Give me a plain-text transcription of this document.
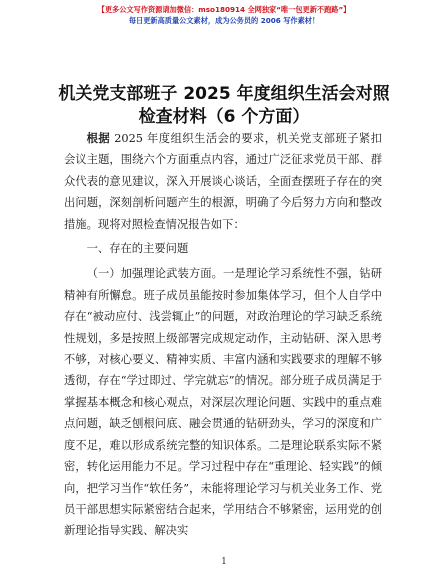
【更多公文写作资源请加微信：mso180914 全网独家“唯一包更新不跑路”】
每日更新高质量公文素材，成为公务员的 2006 写作素材！
机关党支部班子 2025 年度组织生活会对照检查材料（6 个方面）

根据 2025 年度组织生活会的要求，机关党支部班子紧扣会议主题，围绕六个方面重点内容，通过广泛征求党员干部、群众代表的意见建议，深入开展谈心谈话，全面查摆班子存在的突出问题，深刻剖析问题产生的根源，明确了今后努力方向和整改措施。现将对照检查情况报告如下：

一、存在的主要问题

（一）加强理论武装方面。一是理论学习系统性不强，钻研精神有所懈怠。班子成员虽能按时参加集体学习，但个人自学中存在“被动应付、浅尝辄止”的问题，对政治理论的学习缺乏系统性规划，多是按照上级部署完成规定动作，主动钻研、深入思考不够，对核心要义、精神实质、丰富内涵和实践要求的理解不够透彻，存在“学过即过、学完就忘”的情况。部分班子成员满足于掌握基本概念和核心观点，对深层次理论问题、实践中的重点难点问题，缺乏刨根问底、融会贯通的钻研劲头，学习的深度和广度不足，难以形成系统完整的知识体系。二是理论联系实际不紧密，转化运用能力不足。学习过程中存在“重理论、轻实践”的倾向，把学习当作“软任务”，未能将理论学习与机关业务工作、党员干部思想实际紧密结合起来，学用结合不够紧密，运用党的创新理论指导实践、解决实

1
